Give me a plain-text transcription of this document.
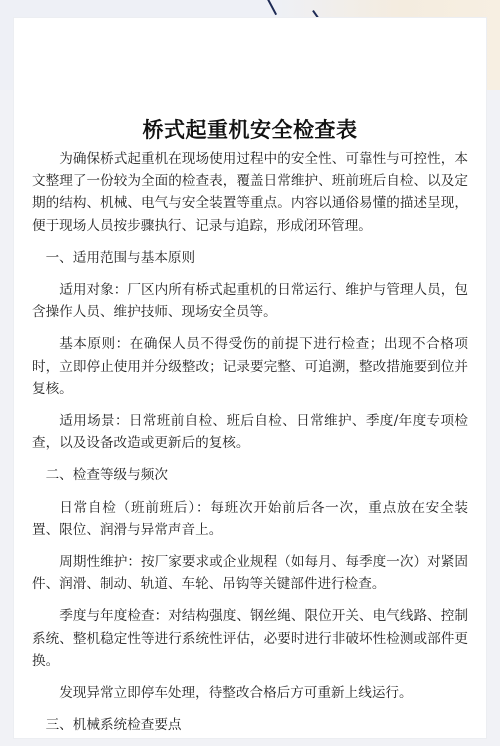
桥式起重机安全检查表

为确保桥式起重机在现场使用过程中的安全性、可靠性与可控性，本文整理了一份较为全面的检查表，覆盖日常维护、班前班后自检、以及定期的结构、机械、电气与安全装置等重点。内容以通俗易懂的描述呈现，便于现场人员按步骤执行、记录与追踪，形成闭环管理。

一、适用范围与基本原则

适用对象：厂区内所有桥式起重机的日常运行、维护与管理人员，包含操作人员、维护技师、现场安全员等。

基本原则：在确保人员不得受伤的前提下进行检查；出现不合格项时，立即停止使用并分级整改；记录要完整、可追溯，整改措施要到位并复核。

适用场景：日常班前自检、班后自检、日常维护、季度/年度专项检查，以及设备改造或更新后的复核。

二、检查等级与频次

日常自检（班前班后）：每班次开始前后各一次，重点放在安全装置、限位、润滑与异常声音上。

周期性维护：按厂家要求或企业规程（如每月、每季度一次）对紧固件、润滑、制动、轨道、车轮、吊钩等关键部件进行检查。

季度与年度检查：对结构强度、钢丝绳、限位开关、电气线路、控制系统、整机稳定性等进行系统性评估，必要时进行非破坏性检测或部件更换。

发现异常立即停车处理，待整改合格后方可重新上线运行。

三、机械系统检查要点
